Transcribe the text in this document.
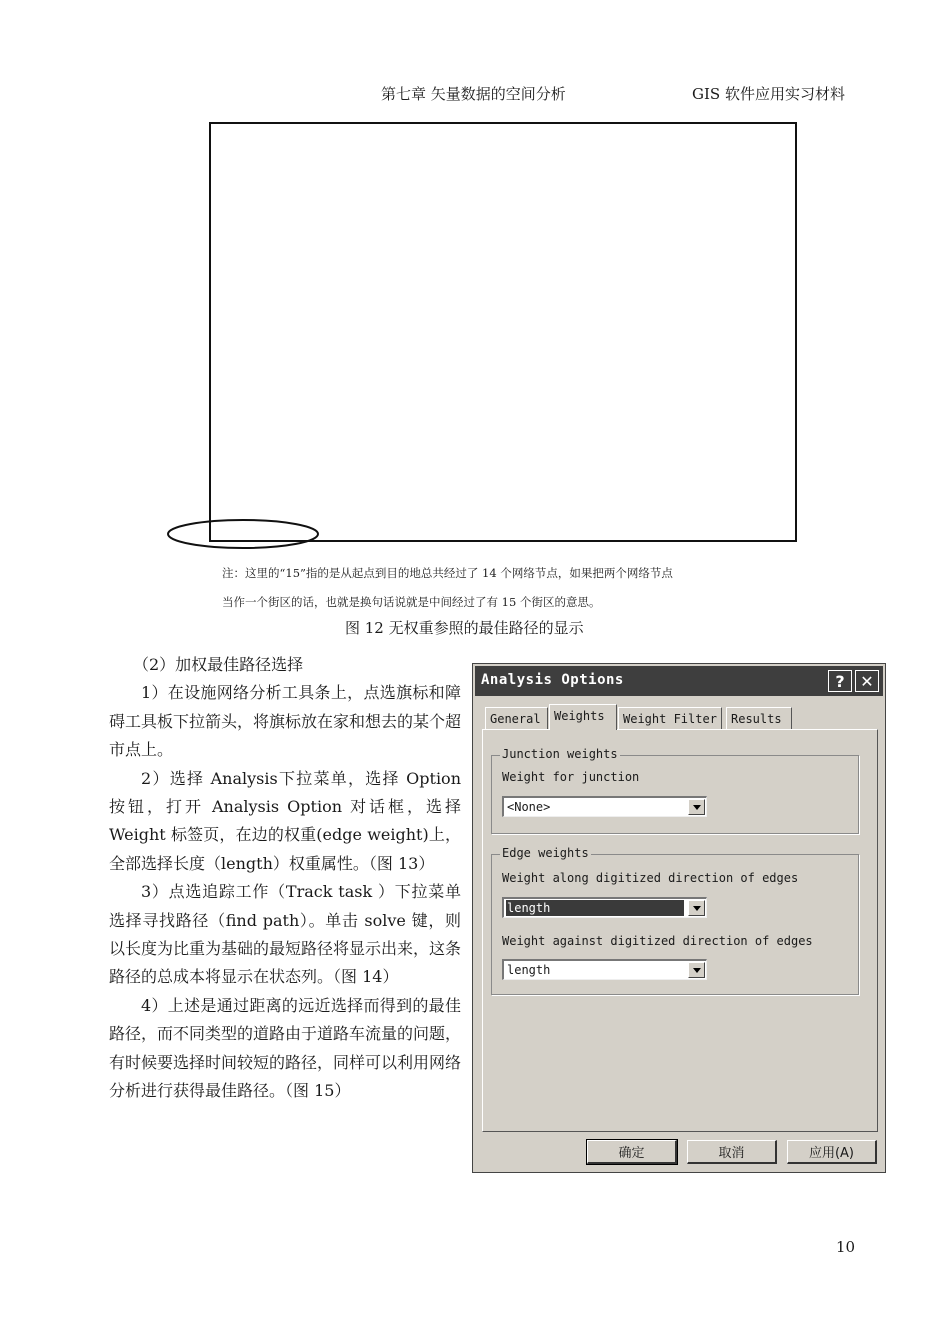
第七章 矢量数据的空间分析	GIS 软件应用实习材料
注：这里的“15”指的是从起点到目的地总共经过了 14 个网络节点，如果把两个网络节点
当作一个街区的话，也就是换句话说就是中间经过了有 15 个街区的意思。
图 12 无权重参照的最佳路径的显示

（2）加权最佳路径选择

1）在设施网络分析工具条上，点选旗标和障碍工具板下拉箭头，将旗标放在家和想去的某个超市点上。

2）选择 Analysis下拉菜单，选择 Option 按钮，打开 Analysis Option 对话框，选择 Weight 标签页，在边的权重(edge weight)上，全部选择长度（length）权重属性。（图 13）

3）点选追踪工作（Track task ）下拉菜单选择寻找路径（find path）。单击 solve 键，则以长度为比重为基础的最短路径将显示出来，这条路径的总成本将显示在状态列。（图 14）

4）上述是通过距离的远近选择而得到的最佳路径，而不同类型的道路由于道路车流量的问题，有时候要选择时间较短的路径，同样可以利用网络分析进行获得最佳路径。（图 15）

Analysis Options	? ✕
General	Weights	Weight Filter	Results
Junction weights
Weight for junction
<None>
Edge weights
Weight along digitized direction of edges
length
Weight against digitized direction of edges
length
确定	取消	应用(A)
10
